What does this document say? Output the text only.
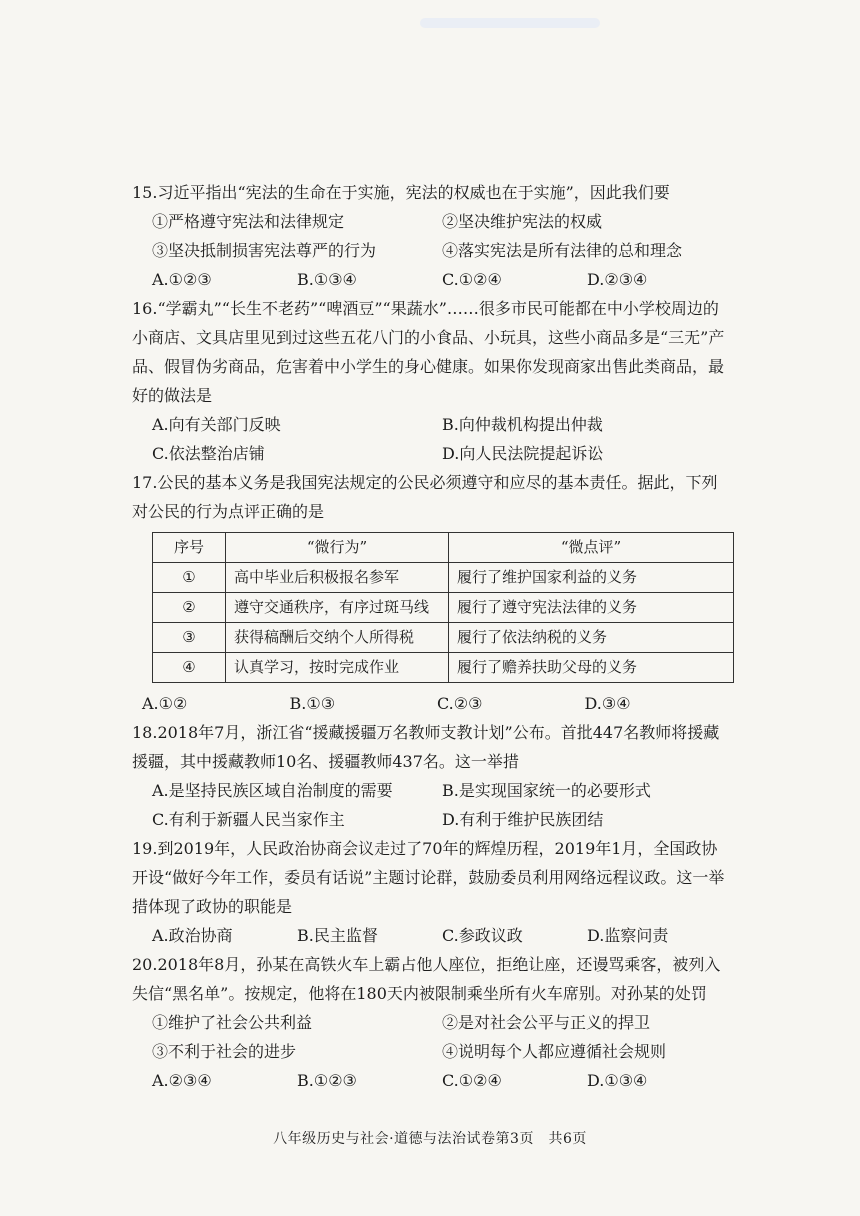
15.习近平指出“宪法的生命在于实施，宪法的权威也在于实施”，因此我们要

①严格遵守宪法和法律规定	②坚决维护宪法的权威
③坚决抵制损害宪法尊严的行为	④落实宪法是所有法律的总和理念
A.①②③	B.①③④	C.①②④	D.②③④

16.“学霸丸”“长生不老药”“啤酒豆”“果蔬水”……很多市民可能都在中小学校周边的小商店、文具店里见到过这些五花八门的小食品、小玩具，这些小商品多是“三无”产品、假冒伪劣商品，危害着中小学生的身心健康。如果你发现商家出售此类商品，最好的做法是

A.向有关部门反映	B.向仲裁机构提出仲裁
C.依法整治店铺	D.向人民法院提起诉讼

17.公民的基本义务是我国宪法规定的公民必须遵守和应尽的基本责任。据此，下列对公民的行为点评正确的是

序号	“微行为”	“微点评”
①	高中毕业后积极报名参军	履行了维护国家利益的义务
②	遵守交通秩序，有序过斑马线	履行了遵守宪法法律的义务
③	获得稿酬后交纳个人所得税	履行了依法纳税的义务
④	认真学习，按时完成作业	履行了赡养扶助父母的义务
A.①②	B.①③	C.②③	D.③④

18.2018年7月，浙江省“援藏援疆万名教师支教计划”公布。首批447名教师将援藏援疆，其中援藏教师10名、援疆教师437名。这一举措

A.是坚持民族区域自治制度的需要	B.是实现国家统一的必要形式
C.有利于新疆人民当家作主	D.有利于维护民族团结

19.到2019年，人民政治协商会议走过了70年的辉煌历程，2019年1月，全国政协开设“做好今年工作，委员有话说”主题讨论群，鼓励委员利用网络远程议政。这一举措体现了政协的职能是

A.政治协商	B.民主监督	C.参政议政	D.监察问责

20.2018年8月，孙某在高铁火车上霸占他人座位，拒绝让座，还谩骂乘客，被列入失信“黑名单”。按规定，他将在180天内被限制乘坐所有火车席别。对孙某的处罚

①维护了社会公共利益	②是对社会公平与正义的捍卫
③不利于社会的进步	④说明每个人都应遵循社会规则
A.②③④	B.①②③	C.①②④	D.①③④
八年级历史与社会·道德与法治试卷第3页　共6页
